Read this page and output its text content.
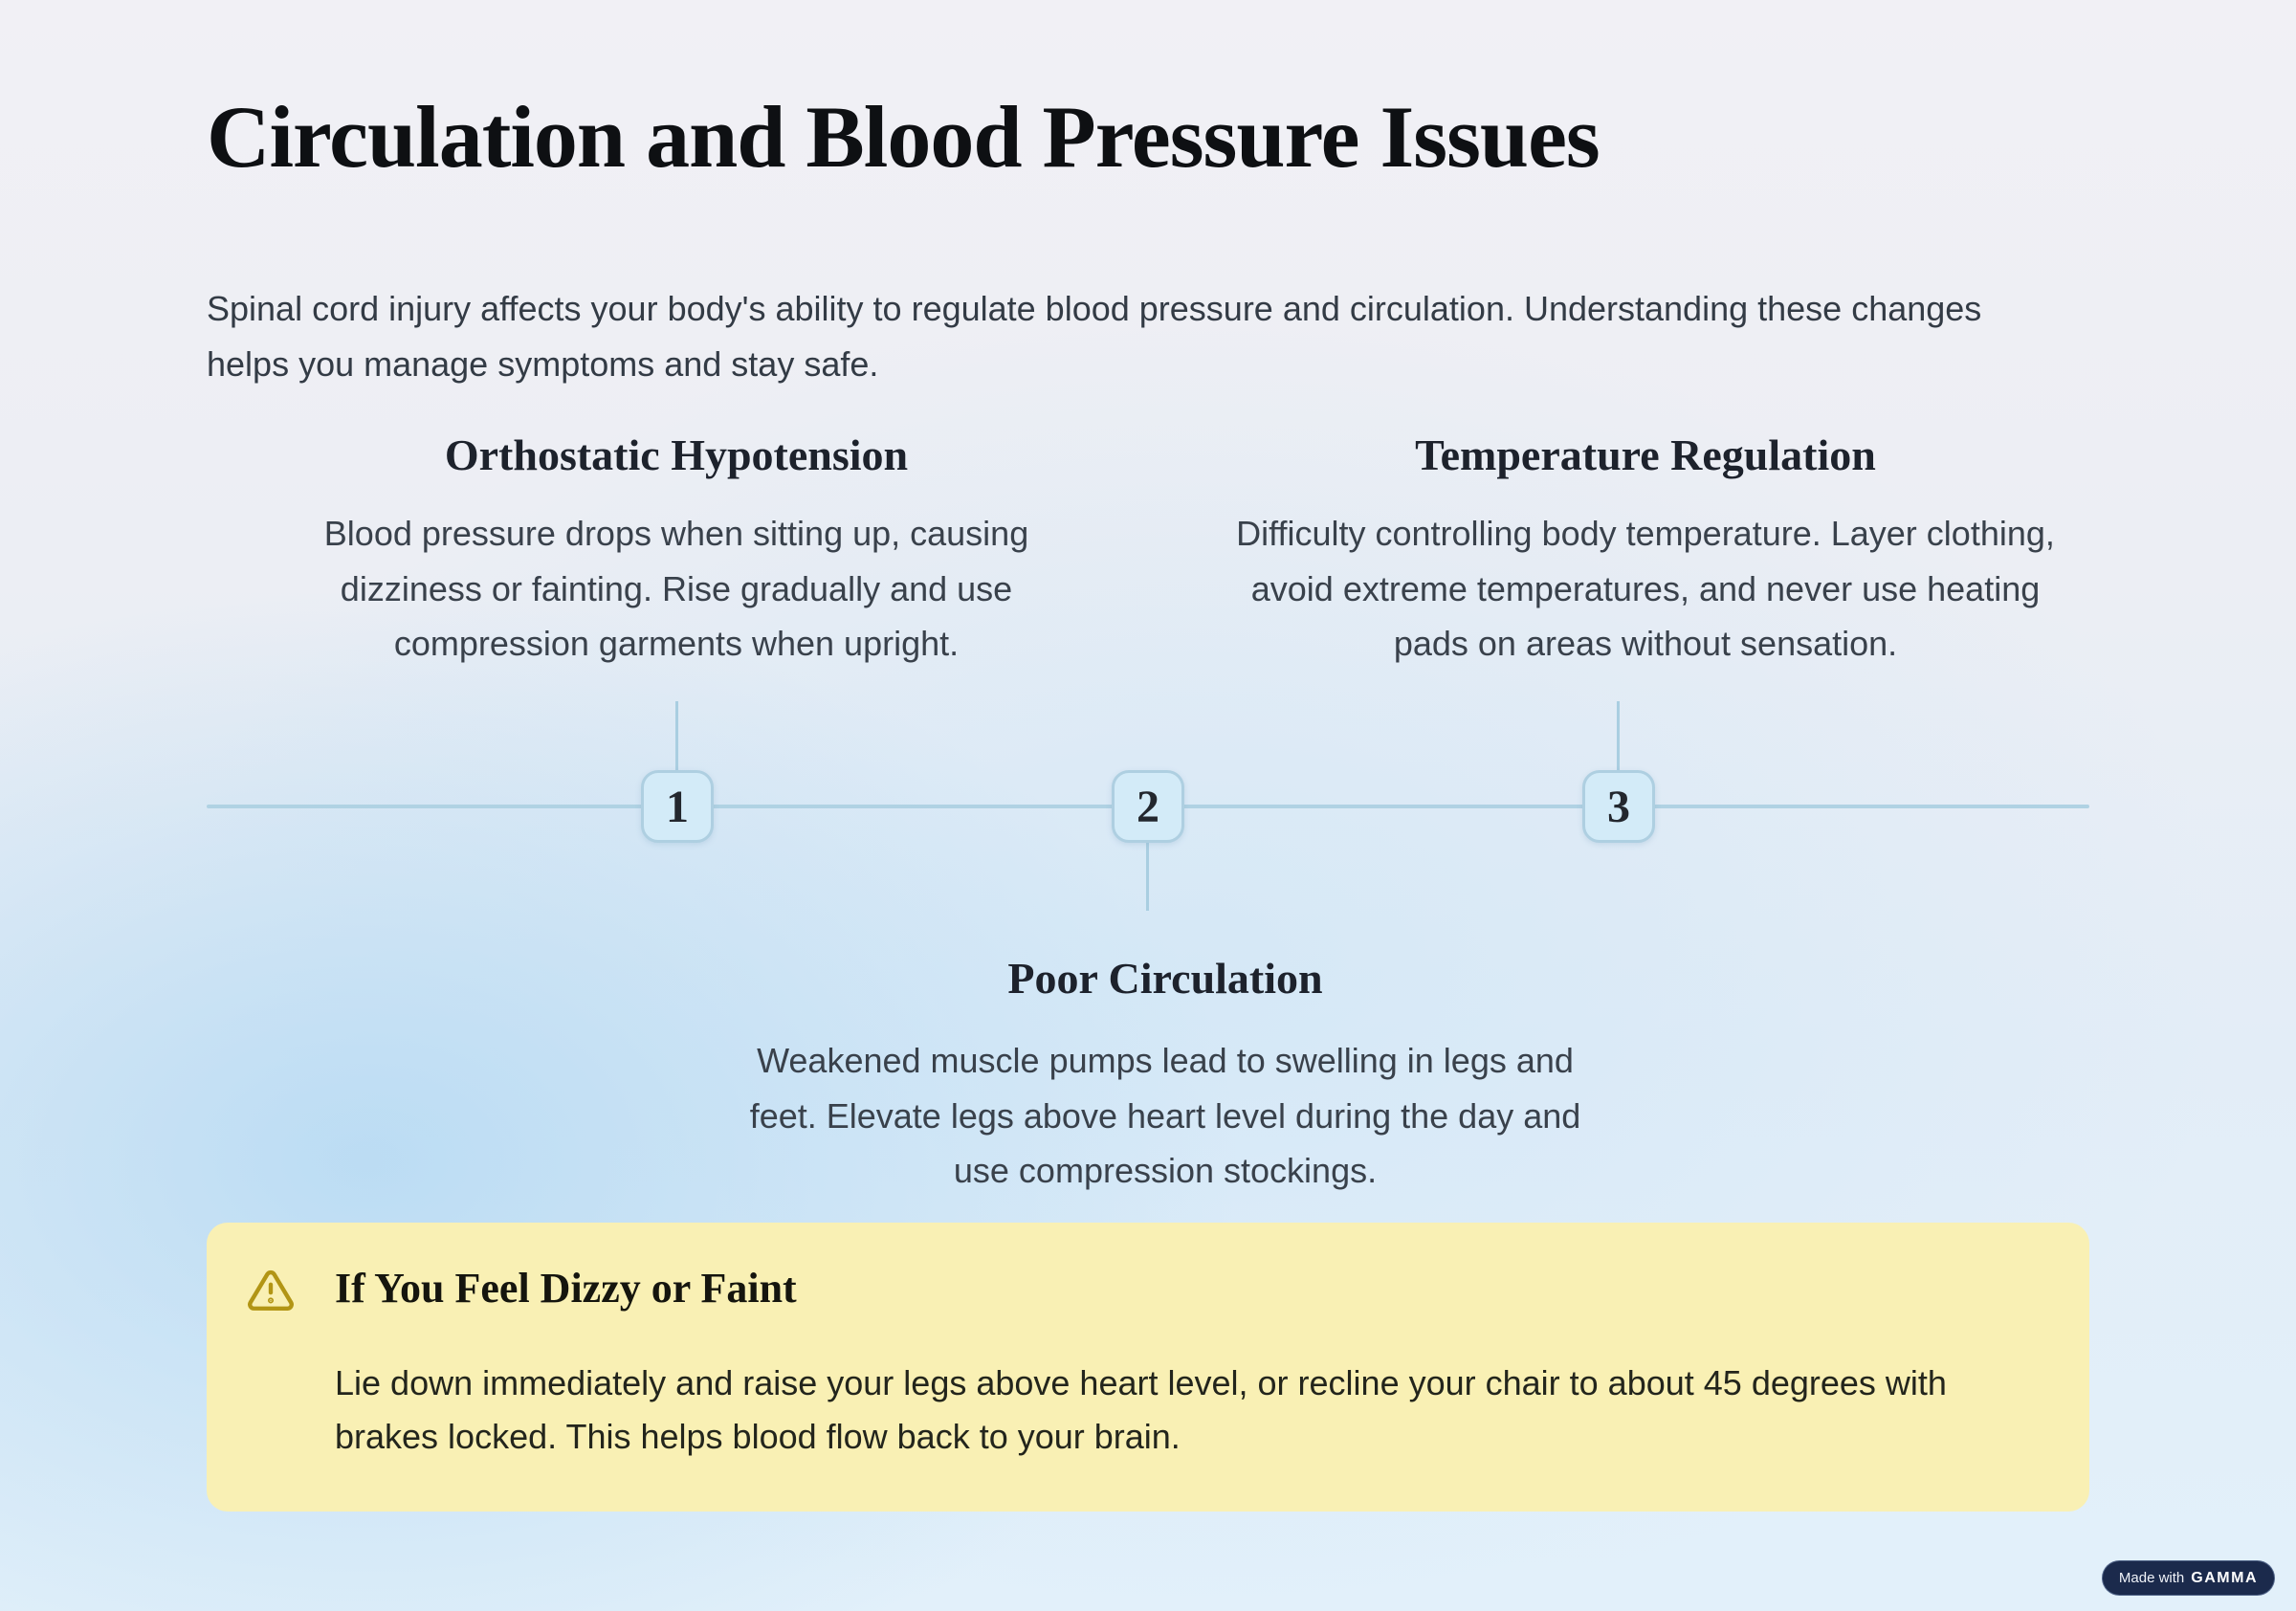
Circulation and Blood Pressure Issues

Spinal cord injury affects your body's ability to regulate blood pressure and circulation. Understanding these changes helps you manage symptoms and stay safe.

Orthostatic Hypotension
Blood pressure drops when sitting up, causing dizziness or fainting. Rise gradually and use compression garments when upright.
Temperature Regulation
Difficulty controlling body temperature. Layer clothing, avoid extreme temperatures, and never use heating pads on areas without sensation.
1	2	3
Poor Circulation
Weakened muscle pumps lead to swelling in legs and feet. Elevate legs above heart level during the day and use compression stockings.
If You Feel Dizzy or Faint
Lie down immediately and raise your legs above heart level, or recline your chair to about 45 degrees with brakes locked. This helps blood flow back to your brain.
Made with GAMMA
